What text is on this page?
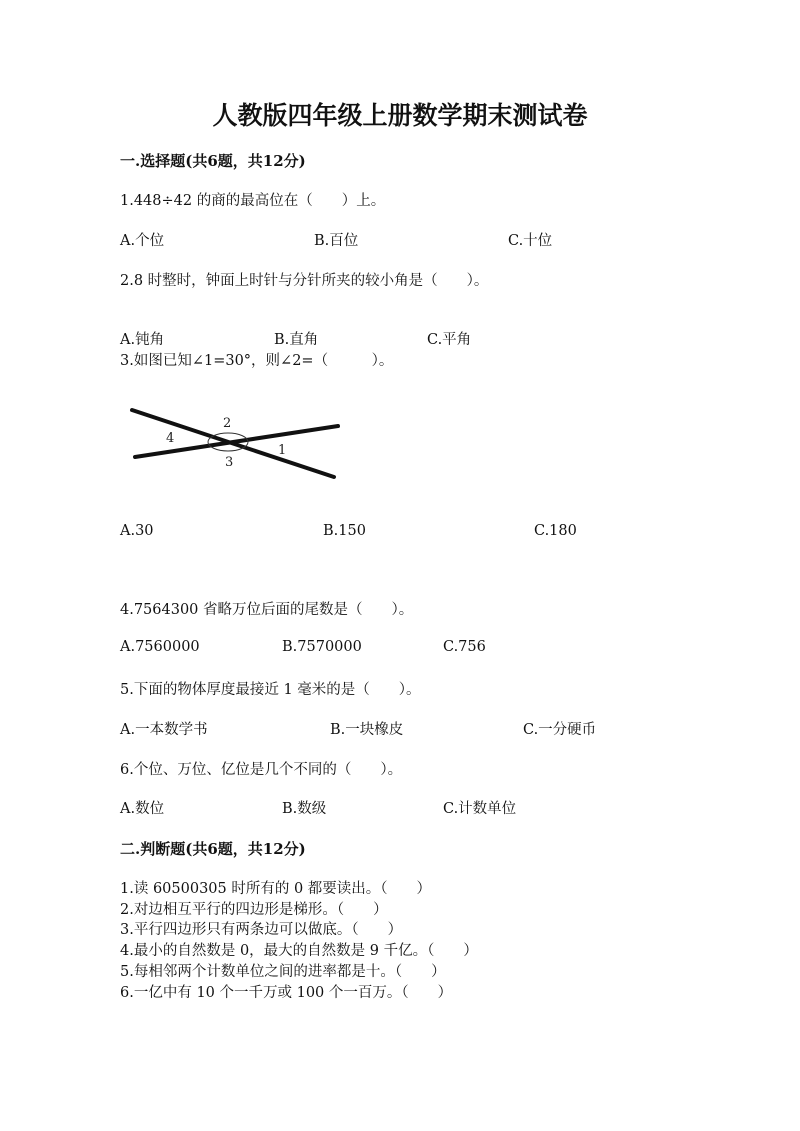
人教版四年级上册数学期末测试卷
一.选择题(共6题，共12分)
1.448÷42 的商的最高位在（　　）上。
A.个位	B.百位	C.十位
2.8 时整时，钟面上时针与分针所夹的较小角是（　　）。
A.钝角	B.直角	C.平角
3.如图已知∠1=30°，则∠2=（　　　）。
1
2
3
4
A.30	B.150	C.180
4.7564300 省略万位后面的尾数是（　　）。
A.7560000	B.7570000	C.756
5.下面的物体厚度最接近 1 毫米的是（　　）。
A.一本数学书	B.一块橡皮	C.一分硬币
6.个位、万位、亿位是几个不同的（　　）。
A.数位	B.数级	C.计数单位
二.判断题(共6题，共12分)
1.读 60500305 时所有的 0 都要读出。（　　）
2.对边相互平行的四边形是梯形。（　　）
3.平行四边形只有两条边可以做底。（　　）
4.最小的自然数是 0，最大的自然数是 9 千亿。（　　）
5.每相邻两个计数单位之间的进率都是十。（　　）
6.一亿中有 10 个一千万或 100 个一百万。（　　）
